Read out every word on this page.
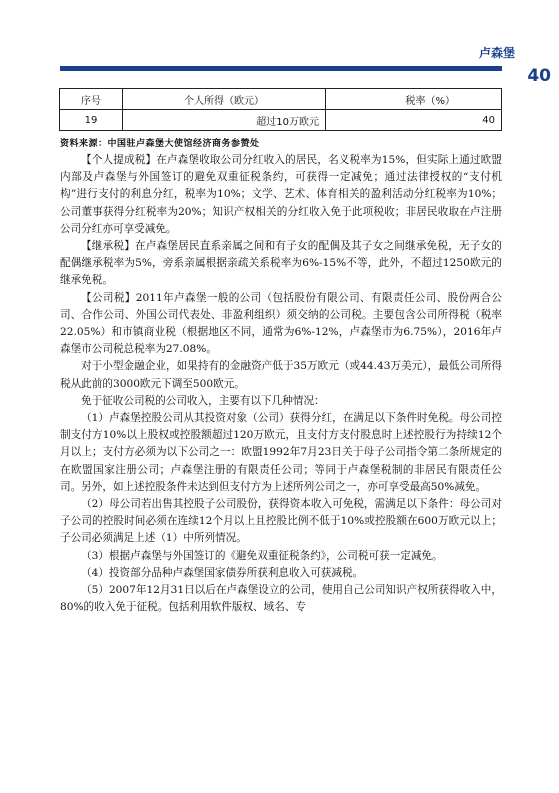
卢森堡
40
序号	个人所得（欧元）	税率（%）
19	超过10万欧元	40
资料来源：中国驻卢森堡大使馆经济商务参赞处

【个人提成税】在卢森堡收取公司分红收入的居民，名义税率为15%，但实际上通过欧盟内部及卢森堡与外国签订的避免双重征税条约，可获得一定减免；通过法律授权的“支付机构”进行支付的利息分红，税率为10%；文学、艺术、体育相关的盈利活动分红税率为10%；公司董事获得分红税率为20%；知识产权相关的分红收入免于此项税收；非居民收取在卢注册公司分红亦可享受减免。

【继承税】在卢森堡居民直系亲属之间和有子女的配偶及其子女之间继承免税，无子女的配偶继承税率为5%，旁系亲属根据亲疏关系税率为6%-15%不等，此外，不超过1250欧元的继承免税。

【公司税】2011年卢森堡一般的公司（包括股份有限公司、有限责任公司、股份两合公司、合作公司、外国公司代表处、非盈利组织）须交纳的公司税。主要包含公司所得税（税率22.05%）和市镇商业税（根据地区不同，通常为6%-12%，卢森堡市为6.75%），2016年卢森堡市公司税总税率为27.08%。

对于小型金融企业，如果持有的金融资产低于35万欧元（或44.43万美元），最低公司所得税从此前的3000欧元下调至500欧元。

免于征收公司税的公司收入，主要有以下几种情况：

（1）卢森堡控股公司从其投资对象（公司）获得分红，在满足以下条件时免税。母公司控制支付方10%以上股权或控股额超过120万欧元，且支付方支付股息时上述控股行为持续12个月以上；支付方必须为以下公司之一：欧盟1992年7月23日关于母子公司指令第二条所规定的在欧盟国家注册公司；卢森堡注册的有限责任公司；等同于卢森堡税制的非居民有限责任公司。另外，如上述控股条件未达到但支付方为上述所列公司之一，亦可享受最高50%减免。

（2）母公司若出售其控股子公司股份，获得资本收入可免税，需满足以下条件：母公司对子公司的控股时间必须在连续12个月以上且控股比例不低于10%或控股额在600万欧元以上；子公司必须满足上述（1）中所列情况。

（3）根据卢森堡与外国签订的《避免双重征税条约》，公司税可获一定减免。

（4）投资部分品种卢森堡国家债券所获利息收入可获减税。

（5）2007年12月31日以后在卢森堡设立的公司，使用自己公司知识产权所获得收入中，80%的收入免于征税。包括利用软件版权、域名、专
